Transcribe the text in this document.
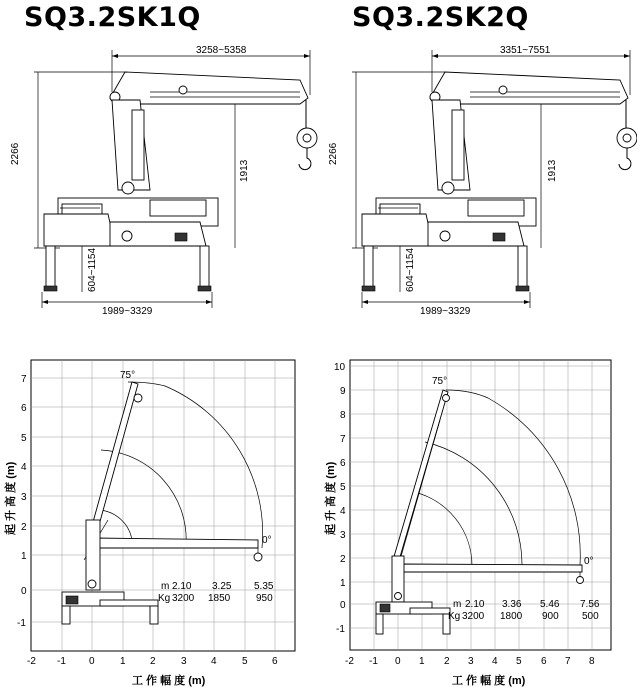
SQ3.2SK1Q	SQ3.2SK2Q
3258~5358
2266
1913
604~1154
1989~3329
3351~7551
2266
1913
604~1154
1989~3329
7
6
5
4
3
2
1
0
-1
-2 -1 0	1 2	3 4	5 6
工 作 幅 度 (m)
起 升 高 度 (m)
75°
0°
m
Kg
2.10 3.25 5.35
3200 1850	950
10
9
8
7
6
5
4
3
2
1
0
-1
-2 -1 0 1 2 3 4 5 6 7 8
工 作 幅 度 (m)
起 升 高 度 (m)
75°
0°
m
Kg
2.10 3.36 5.46 7.56
3200 1800 900 500
